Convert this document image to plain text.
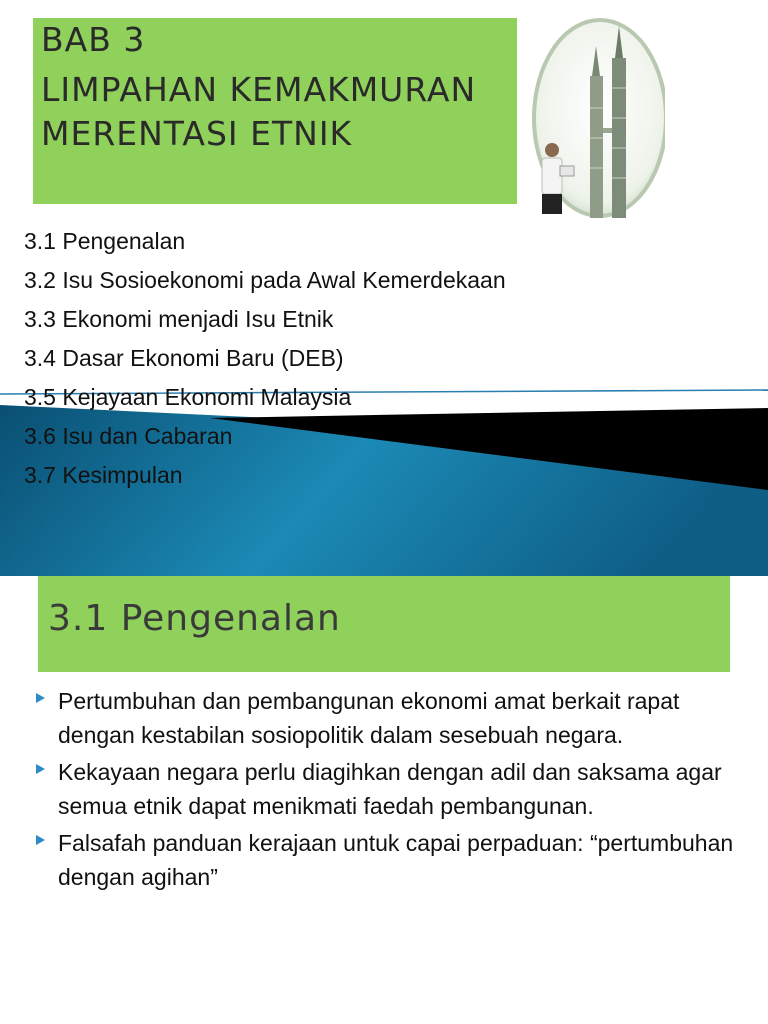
BAB 3
LIMPAHAN KEMAKMURAN
MERENTASI ETNIK
3.1 Pengenalan
3.2 Isu Sosioekonomi pada Awal Kemerdekaan
3.3 Ekonomi menjadi Isu Etnik
3.4 Dasar Ekonomi Baru (DEB)
3.5 Kejayaan Ekonomi Malaysia
3.6 Isu dan Cabaran
3.7 Kesimpulan
3.1 Pengenalan
Pertumbuhan dan pembangunan ekonomi amat berkait rapat dengan kestabilan sosiopolitik dalam sesebuah negara.
Kekayaan negara perlu diagihkan dengan adil dan saksama agar semua etnik dapat menikmati faedah pembangunan.
Falsafah panduan kerajaan untuk capai perpaduan: “pertumbuhan dengan agihan”
